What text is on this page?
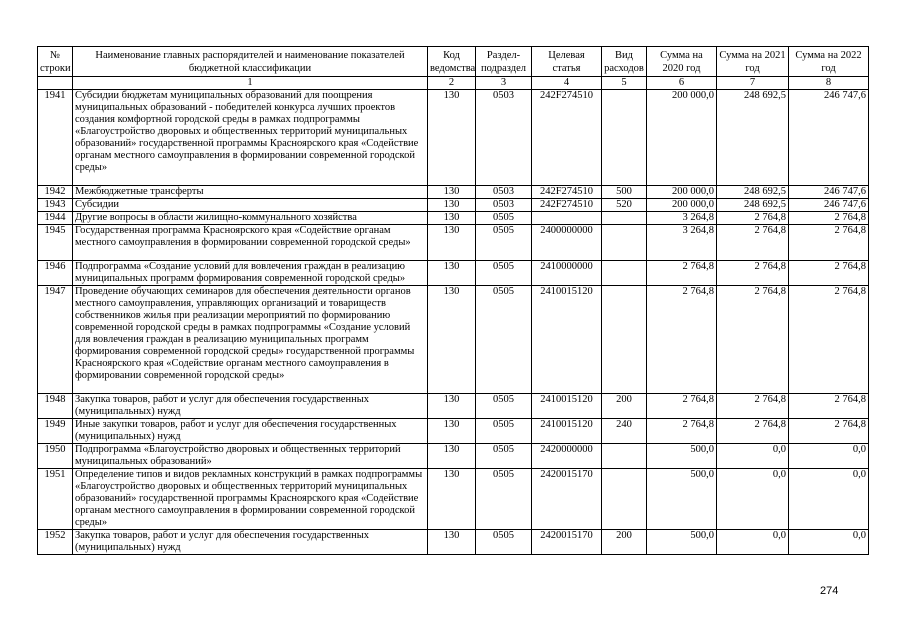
№ строки	Наименование главных распорядителей и наименование показателей бюджетной классификации	Код ведомства	Раздел-подраздел	Целевая статья	Вид расходов	Сумма на 2020 год	Сумма на 2021 год	Сумма на 2022 год
	1	2	3	4	5	6	7	8
1941	Субсидии бюджетам муниципальных образований для поощрения муниципальных образований - победителей конкурса лучших проектов создания комфортной городской среды в рамках подпрограммы «Благоустройство дворовых и общественных территорий муниципальных образований» государственной программы Красноярского края «Содействие органам местного самоуправления в формировании современной городской среды»	130	0503	242F274510		200 000,0	248 692,5	246 747,6
1942	Межбюджетные трансферты	130	0503	242F274510	500	200 000,0	248 692,5	246 747,6
1943	Субсидии	130	0503	242F274510	520	200 000,0	248 692,5	246 747,6
1944	Другие вопросы в области жилищно-коммунального хозяйства	130	0505			3 264,8	2 764,8	2 764,8
1945	Государственная программа Красноярского края «Содействие органам местного самоуправления в формировании современной городской среды»	130	0505	2400000000		3 264,8	2 764,8	2 764,8
1946	Подпрограмма «Создание условий для вовлечения граждан в реализацию муниципальных программ формирования современной городской среды»	130	0505	2410000000		2 764,8	2 764,8	2 764,8
1947	Проведение обучающих семинаров для обеспечения деятельности органов местного самоуправления, управляющих организаций и товариществ собственников жилья при реализации мероприятий по формированию современной городской среды в рамках подпрограммы «Создание условий для вовлечения граждан в реализацию муниципальных программ формирования современной городской среды» государственной программы Красноярского края «Содействие органам местного самоуправления в формировании современной городской среды»	130	0505	2410015120		2 764,8	2 764,8	2 764,8
1948	Закупка товаров, работ и услуг для обеспечения государственных (муниципальных) нужд	130	0505	2410015120	200	2 764,8	2 764,8	2 764,8
1949	Иные закупки товаров, работ и услуг для обеспечения государственных (муниципальных) нужд	130	0505	2410015120	240	2 764,8	2 764,8	2 764,8
1950	Подпрограмма «Благоустройство дворовых и общественных территорий муниципальных образований»	130	0505	2420000000		500,0	0,0	0,0
1951	Определение типов и видов рекламных конструкций в рамках подпрограммы «Благоустройство дворовых и общественных территорий муниципальных образований» государственной программы Красноярского края «Содействие органам местного самоуправления в формировании современной городской среды»	130	0505	2420015170		500,0	0,0	0,0
1952	Закупка товаров, работ и услуг для обеспечения государственных (муниципальных) нужд	130	0505	2420015170	200	500,0	0,0	0,0
274
